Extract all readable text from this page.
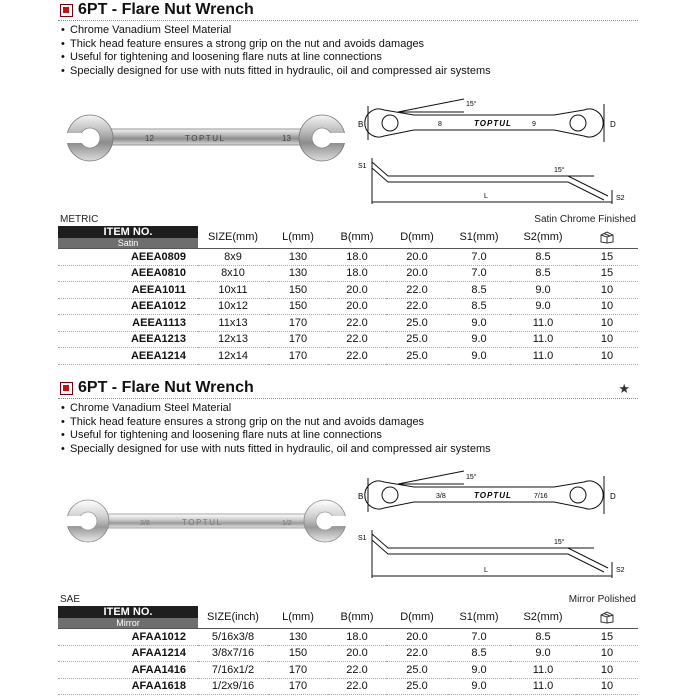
6PT - Flare Nut Wrench
• Chrome Vanadium Steel Material
• Thick head feature ensures a strong grip on the nut and avoids damages
• Useful for tightening and loosening flare nuts at line connections
• Specially designed for use with nuts fitted in hydraulic, oil and compressed air systems
12	TOPTUL	13
B	D
15°
8	TOPTUL	9
S1
S2
L
15°
METRIC	Satin Chrome Finished
ITEM NO.
Satin	SIZE(mm)	L(mm)	B(mm)	D(mm)	S1(mm)	S2(mm)	
AEEA0809	8x9	130	18.0	20.0	7.0	8.5	15
AEEA0810	8x10	130	18.0	20.0	7.0	8.5	15
AEEA1011	10x11	150	20.0	22.0	8.5	9.0	10
AEEA1012	10x12	150	20.0	22.0	8.5	9.0	10
AEEA1113	11x13	170	22.0	25.0	9.0	11.0	10
AEEA1213	12x13	170	22.0	25.0	9.0	11.0	10
AEEA1214	12x14	170	22.0	25.0	9.0	11.0	10
6PT - Flare Nut Wrench	★
• Chrome Vanadium Steel Material
• Thick head feature ensures a strong grip on the nut and avoids damages
• Useful for tightening and loosening flare nuts at line connections
• Specially designed for use with nuts fitted in hydraulic, oil and compressed air systems
3/8	TOPTUL	1/2
B	D
15°
3/8	TOPTUL	7/16
S1
S2
L
15°
SAE	Mirror Polished
ITEM NO.
Mirror	SIZE(inch)	L(mm)	B(mm)	D(mm)	S1(mm)	S2(mm)	
AFAA1012	5/16x3/8	130	18.0	20.0	7.0	8.5	15
AFAA1214	3/8x7/16	150	20.0	22.0	8.5	9.0	10
AFAA1416	7/16x1/2	170	22.0	25.0	9.0	11.0	10
AFAA1618	1/2x9/16	170	22.0	25.0	9.0	11.0	10
